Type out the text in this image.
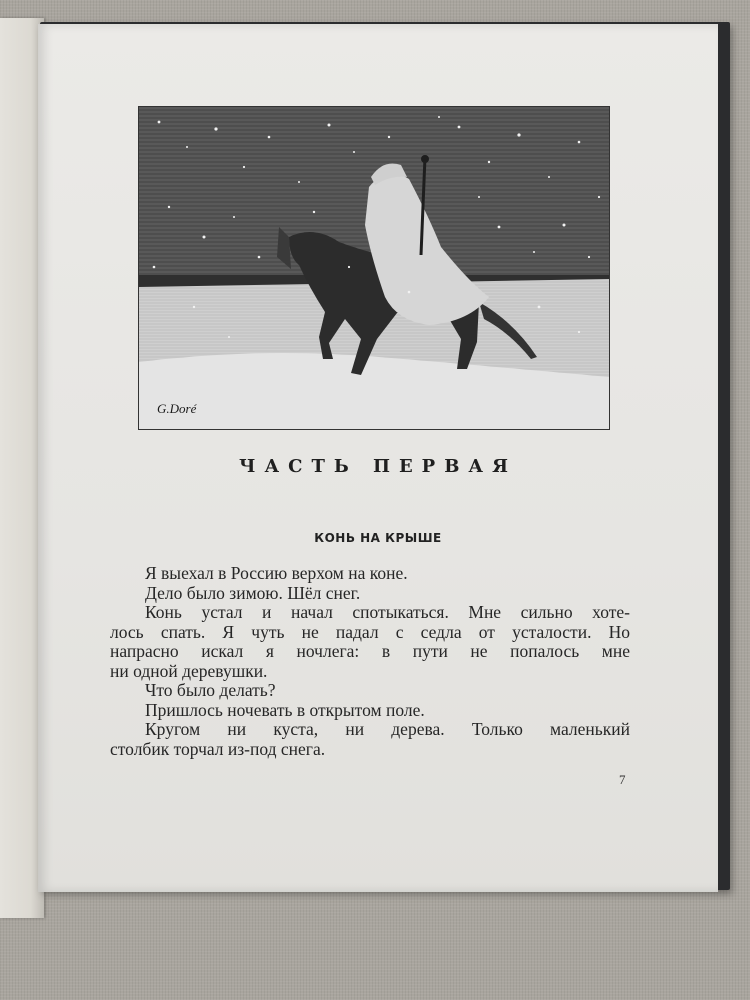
G.Doré
ЧАСТЬ ПЕРВАЯ
КОНЬ НА КРЫШЕ
Я выехал в Россию верхом на коне.
Дело было зимою. Шёл снег.
Конь устал и начал спотыкаться. Мне сильно хоте-
лось спать. Я чуть не падал с седла от усталости. Но
напрасно искал я ночлега: в пути не попалось мне
ни одной деревушки.
Что было делать?
Пришлось ночевать в открытом поле.
Кругом ни куста, ни дерева. Только маленький
столбик торчал из-под снега.
7
